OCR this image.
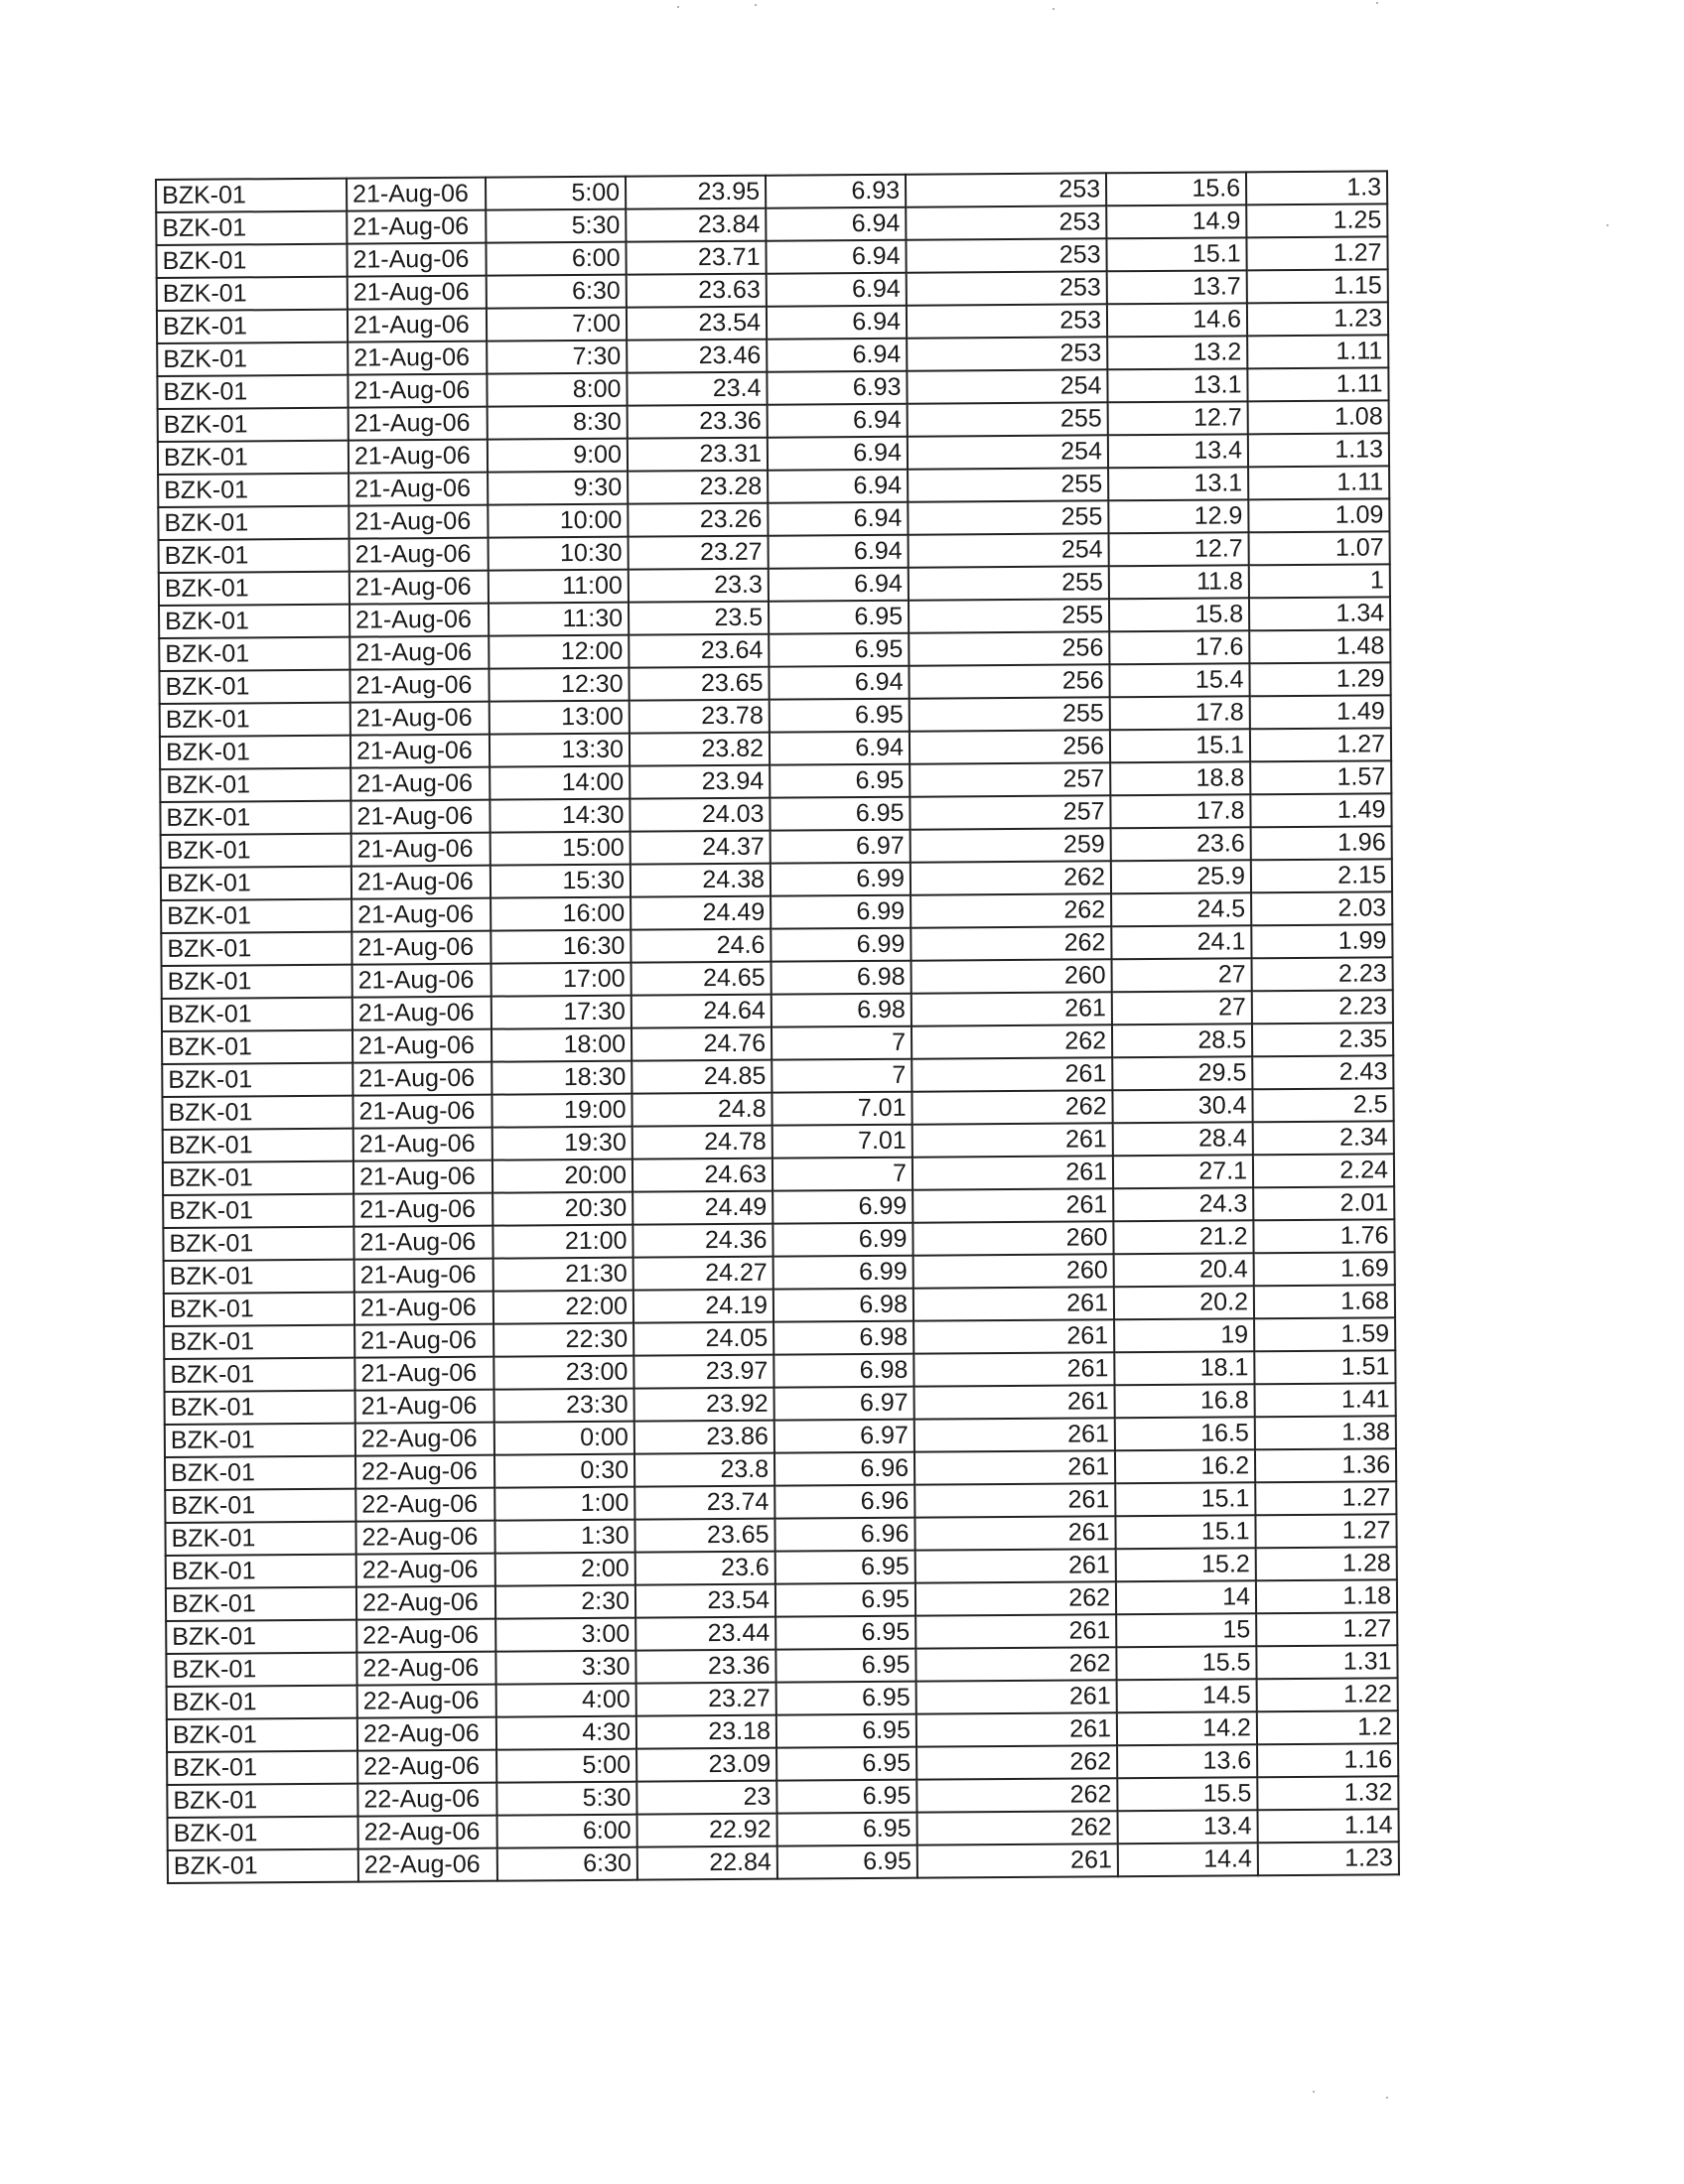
BZK-01	21-Aug-06	5:00	23.95	6.93	253	15.6	1.3
BZK-01	21-Aug-06	5:30	23.84	6.94	253	14.9	1.25
BZK-01	21-Aug-06	6:00	23.71	6.94	253	15.1	1.27
BZK-01	21-Aug-06	6:30	23.63	6.94	253	13.7	1.15
BZK-01	21-Aug-06	7:00	23.54	6.94	253	14.6	1.23
BZK-01	21-Aug-06	7:30	23.46	6.94	253	13.2	1.11
BZK-01	21-Aug-06	8:00	23.4	6.93	254	13.1	1.11
BZK-01	21-Aug-06	8:30	23.36	6.94	255	12.7	1.08
BZK-01	21-Aug-06	9:00	23.31	6.94	254	13.4	1.13
BZK-01	21-Aug-06	9:30	23.28	6.94	255	13.1	1.11
BZK-01	21-Aug-06	10:00	23.26	6.94	255	12.9	1.09
BZK-01	21-Aug-06	10:30	23.27	6.94	254	12.7	1.07
BZK-01	21-Aug-06	11:00	23.3	6.94	255	11.8	1
BZK-01	21-Aug-06	11:30	23.5	6.95	255	15.8	1.34
BZK-01	21-Aug-06	12:00	23.64	6.95	256	17.6	1.48
BZK-01	21-Aug-06	12:30	23.65	6.94	256	15.4	1.29
BZK-01	21-Aug-06	13:00	23.78	6.95	255	17.8	1.49
BZK-01	21-Aug-06	13:30	23.82	6.94	256	15.1	1.27
BZK-01	21-Aug-06	14:00	23.94	6.95	257	18.8	1.57
BZK-01	21-Aug-06	14:30	24.03	6.95	257	17.8	1.49
BZK-01	21-Aug-06	15:00	24.37	6.97	259	23.6	1.96
BZK-01	21-Aug-06	15:30	24.38	6.99	262	25.9	2.15
BZK-01	21-Aug-06	16:00	24.49	6.99	262	24.5	2.03
BZK-01	21-Aug-06	16:30	24.6	6.99	262	24.1	1.99
BZK-01	21-Aug-06	17:00	24.65	6.98	260	27	2.23
BZK-01	21-Aug-06	17:30	24.64	6.98	261	27	2.23
BZK-01	21-Aug-06	18:00	24.76	7	262	28.5	2.35
BZK-01	21-Aug-06	18:30	24.85	7	261	29.5	2.43
BZK-01	21-Aug-06	19:00	24.8	7.01	262	30.4	2.5
BZK-01	21-Aug-06	19:30	24.78	7.01	261	28.4	2.34
BZK-01	21-Aug-06	20:00	24.63	7	261	27.1	2.24
BZK-01	21-Aug-06	20:30	24.49	6.99	261	24.3	2.01
BZK-01	21-Aug-06	21:00	24.36	6.99	260	21.2	1.76
BZK-01	21-Aug-06	21:30	24.27	6.99	260	20.4	1.69
BZK-01	21-Aug-06	22:00	24.19	6.98	261	20.2	1.68
BZK-01	21-Aug-06	22:30	24.05	6.98	261	19	1.59
BZK-01	21-Aug-06	23:00	23.97	6.98	261	18.1	1.51
BZK-01	21-Aug-06	23:30	23.92	6.97	261	16.8	1.41
BZK-01	22-Aug-06	0:00	23.86	6.97	261	16.5	1.38
BZK-01	22-Aug-06	0:30	23.8	6.96	261	16.2	1.36
BZK-01	22-Aug-06	1:00	23.74	6.96	261	15.1	1.27
BZK-01	22-Aug-06	1:30	23.65	6.96	261	15.1	1.27
BZK-01	22-Aug-06	2:00	23.6	6.95	261	15.2	1.28
BZK-01	22-Aug-06	2:30	23.54	6.95	262	14	1.18
BZK-01	22-Aug-06	3:00	23.44	6.95	261	15	1.27
BZK-01	22-Aug-06	3:30	23.36	6.95	262	15.5	1.31
BZK-01	22-Aug-06	4:00	23.27	6.95	261	14.5	1.22
BZK-01	22-Aug-06	4:30	23.18	6.95	261	14.2	1.2
BZK-01	22-Aug-06	5:00	23.09	6.95	262	13.6	1.16
BZK-01	22-Aug-06	5:30	23	6.95	262	15.5	1.32
BZK-01	22-Aug-06	6:00	22.92	6.95	262	13.4	1.14
BZK-01	22-Aug-06	6:30	22.84	6.95	261	14.4	1.23
